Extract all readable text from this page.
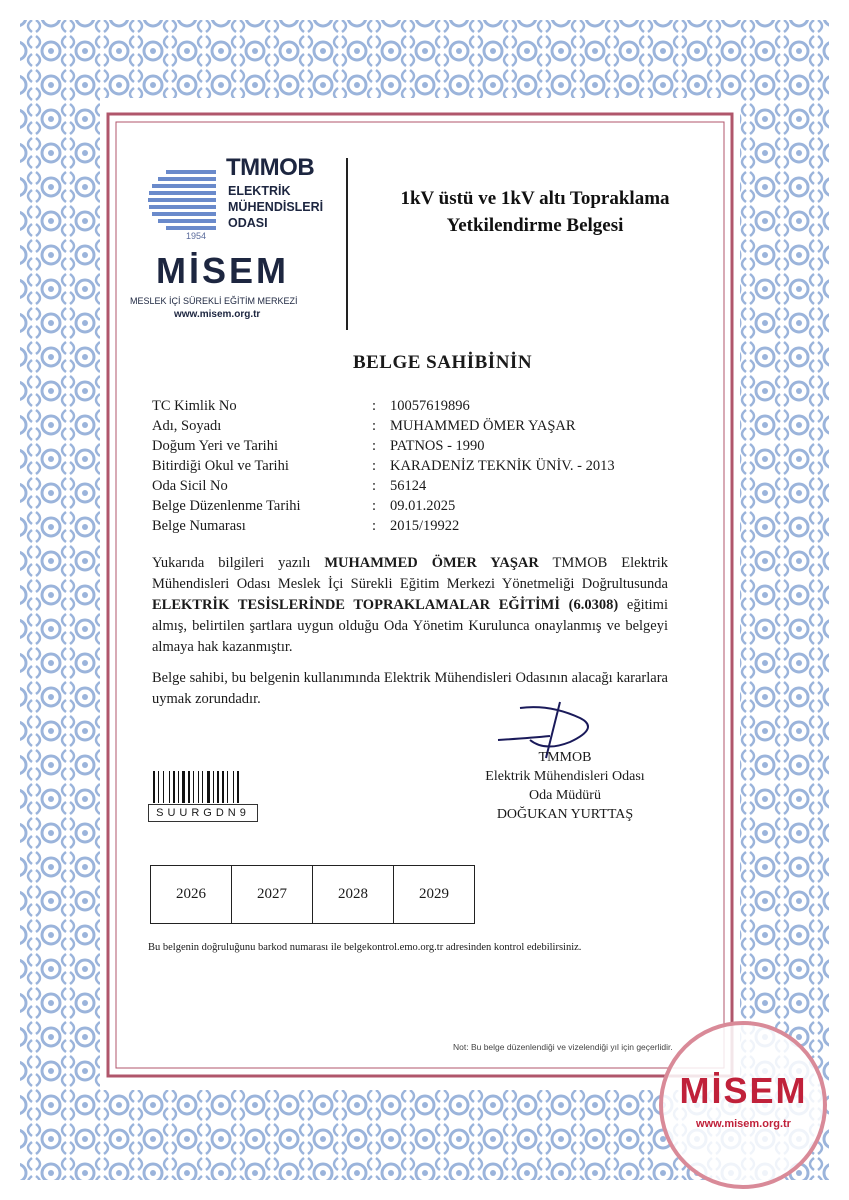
TMMOB
ELEKTRİK
MÜHENDİSLERİ
ODASI
1954
MİSEM
MESLEK İÇİ SÜREKLİ EĞİTİM MERKEZİ
www.misem.org.tr
1kV üstü ve 1kV altı Topraklama
Yetkilendirme Belgesi
BELGE SAHİBİNİN
TC Kimlik No	: 10057619896
Adı, Soyadı	: MUHAMMED ÖMER YAŞAR
Doğum Yeri ve Tarihi	: PATNOS - 1990
Bitirdiği Okul ve Tarihi	: KARADENİZ TEKNİK ÜNİV. - 2013
Oda Sicil No	: 56124
Belge Düzenlenme Tarihi	: 09.01.2025
Belge Numarası	: 2015/19922
Yukarıda bilgileri yazılı MUHAMMED ÖMER YAŞAR TMMOB Elektrik Mühendisleri Odası Meslek İçi Sürekli Eğitim Merkezi Yönetmeliği Doğrultusunda ELEKTRİK TESİSLERİNDE TOPRAKLAMALAR EĞİTİMİ (6.0308) eğitimi almış, belirtilen şartlara uygun olduğu Oda Yönetim Kurulunca onaylanmış ve belgeyi almaya hak kazanmıştır.
Belge sahibi, bu belgenin kullanımında Elektrik Mühendisleri Odasının alacağı kararlara uymak zorundadır.
TMMOB
Elektrik Mühendisleri Odası
Oda Müdürü
DOĞUKAN YURTTAŞ
SUURGDN9
2026	2027	2028	2029
Bu belgenin doğruluğunu barkod numarası ile belgekontrol.emo.org.tr adresinden kontrol edebilirsiniz.
Not: Bu belge düzenlendiği ve vizelendiği yıl için geçerlidir.
MİSEM
www.misem.org.tr
